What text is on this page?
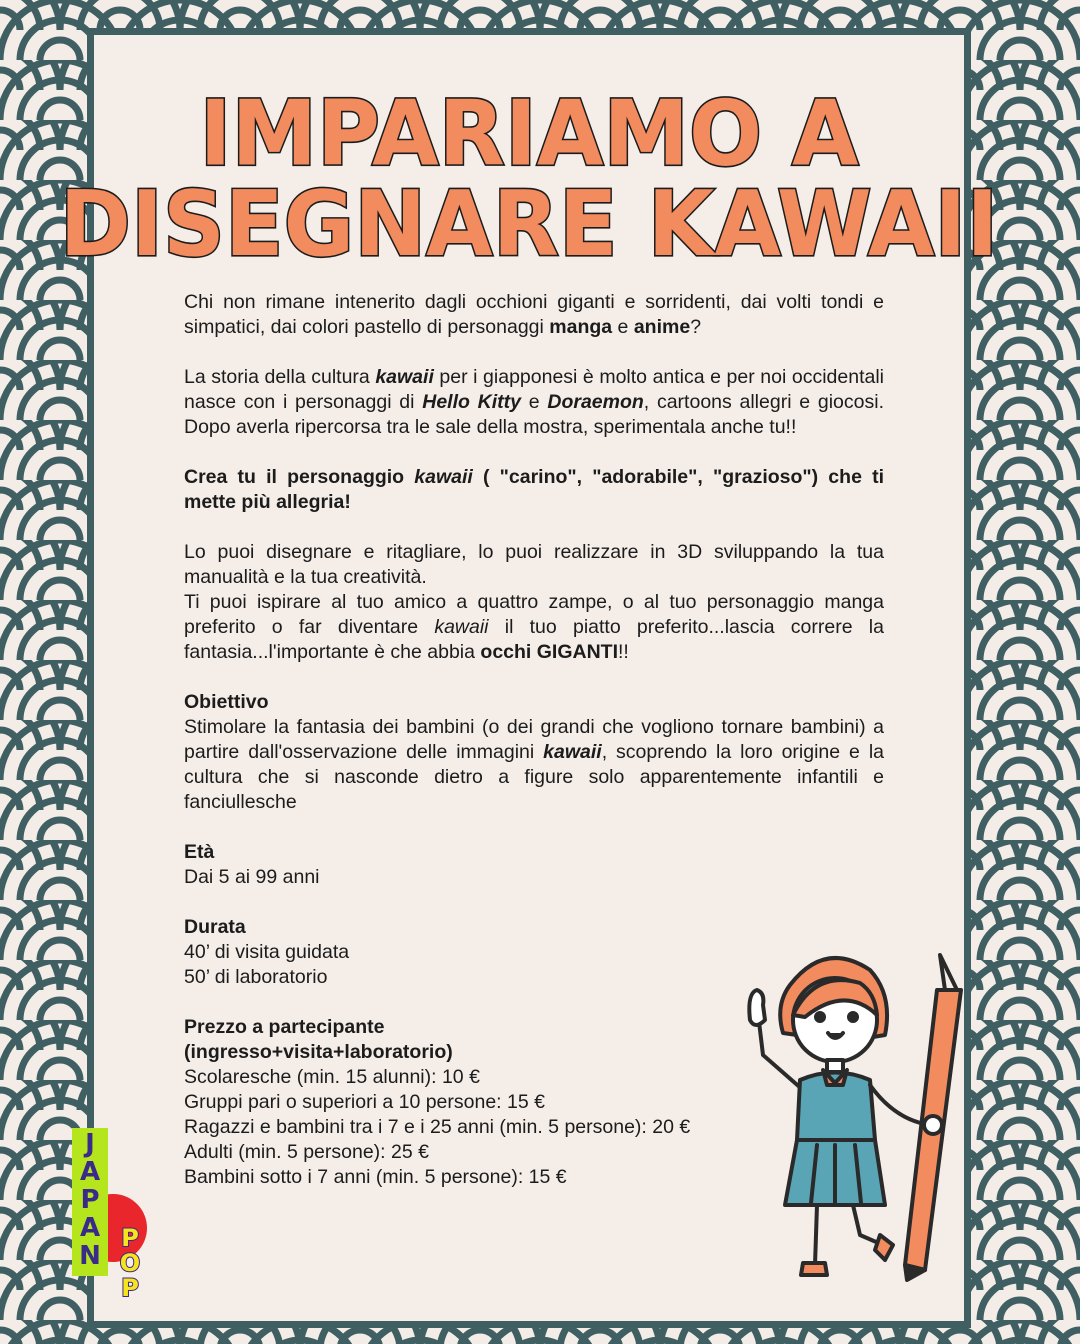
IMPARIAMO A
DISEGNARE KAWAII

Chi non rimane intenerito dagli occhioni giganti e sorridenti, dai volti tondi e simpatici, dai colori pastello di personaggi manga e anime?

La storia della cultura kawaii per i giapponesi è molto antica e per noi occidentali nasce con i personaggi di Hello Kitty e Doraemon, cartoons allegri e giocosi. Dopo averla ripercorsa tra le sale della mostra, sperimentala anche tu!!

Crea tu il personaggio kawaii ( "carino", "adorabile", "grazioso") che ti mette più allegria!

Lo puoi disegnare e ritagliare, lo puoi realizzare in 3D sviluppando la tua manualità e la tua creatività.
Ti puoi ispirare al tuo amico a quattro zampe, o al tuo personaggio manga preferito o far diventare kawaii il tuo piatto preferito...lascia correre la fantasia...l'importante è che abbia occhi GIGANTI!!

Obiettivo
Stimolare la fantasia dei bambini (o dei grandi che vogliono tornare bambini) a partire dall'osservazione delle immagini kawaii, scoprendo la loro origine e la cultura che si nasconde dietro a figure solo apparentemente infantili e fanciullesche

Età
Dai 5 ai 99 anni

Durata
40’ di visita guidata
50’ di laboratorio

Prezzo a partecipante
(ingresso+visita+laboratorio)
Scolaresche (min. 15 alunni): 10 €
Gruppi pari o superiori a 10 persone: 15 €
Ragazzi e bambini tra i 7 e i 25 anni (min. 5 persone): 20 €
Adulti (min. 5 persone): 25 €
Bambini sotto i 7 anni (min. 5 persone): 15 €

J
A
P
A
N
P
O
P
